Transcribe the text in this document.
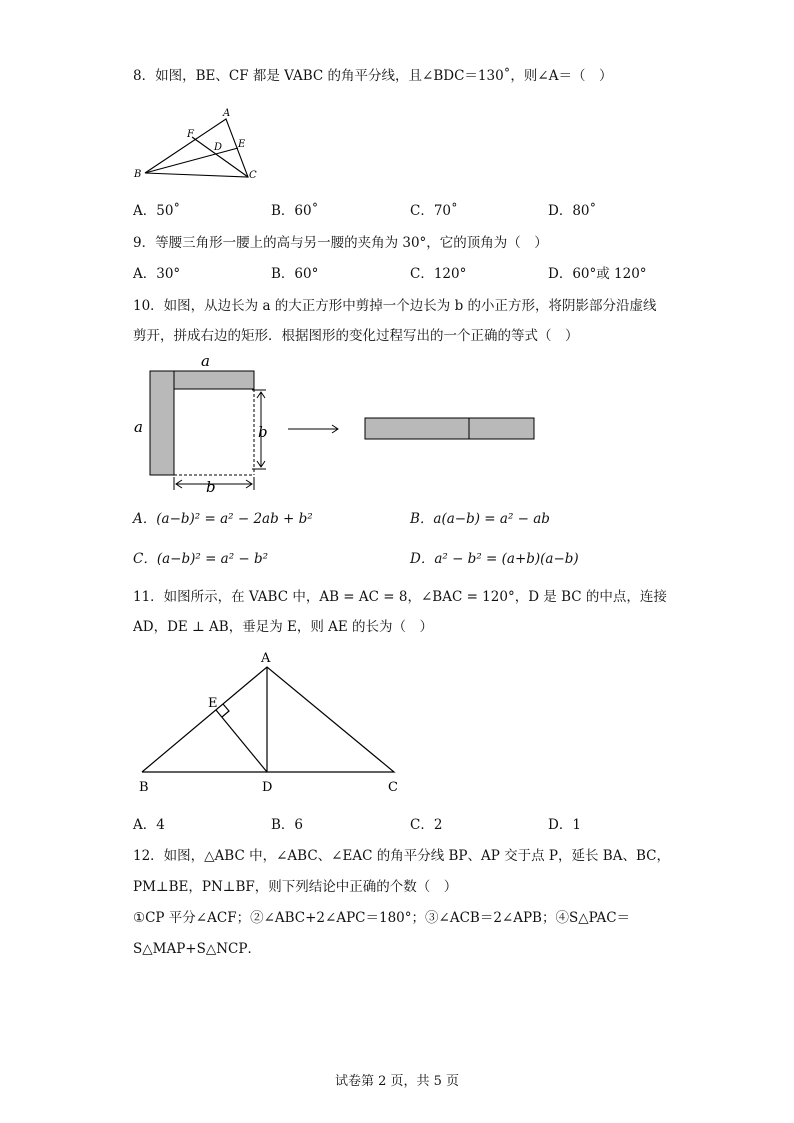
8．如图，BE、CF 都是 VABC 的角平分线，且∠BDC＝130˚，则∠A＝（　）
A
B	C
D E
F
A．50˚	B．60˚	C．70˚	D．80˚
9．等腰三角形一腰上的高与另一腰的夹角为 30°，它的顶角为（　）
A．30°	B．60°	C．120°	D．60°或 120°
10．如图，从边长为 a 的大正方形中剪掉一个边长为 b 的小正方形，将阴影部分沿虚线
剪开，拼成右边的矩形．根据图形的变化过程写出的一个正确的等式（　）
a
a	b
b
A．(a−b)² = a² − 2ab + b²	B．a(a−b) = a² − ab
C．(a−b)² = a² − b²	D．a² − b² = (a+b)(a−b)
11．如图所示，在 VABC 中，AB = AC = 8，∠BAC = 120°，D 是 BC 的中点，连接
AD，DE ⊥ AB，垂足为 E，则 AE 的长为（　）
A
B	C
D
E
A．4	B．6	C．2	D．1
12．如图，△ABC 中，∠ABC、∠EAC 的角平分线 BP、AP 交于点 P，延长 BA、BC，
PM⊥BE，PN⊥BF，则下列结论中正确的个数（　）
①CP 平分∠ACF；②∠ABC+2∠APC＝180°；③∠ACB＝2∠APB；④S△PAC＝
S△MAP+S△NCP．
试卷第 2 页，共 5 页
